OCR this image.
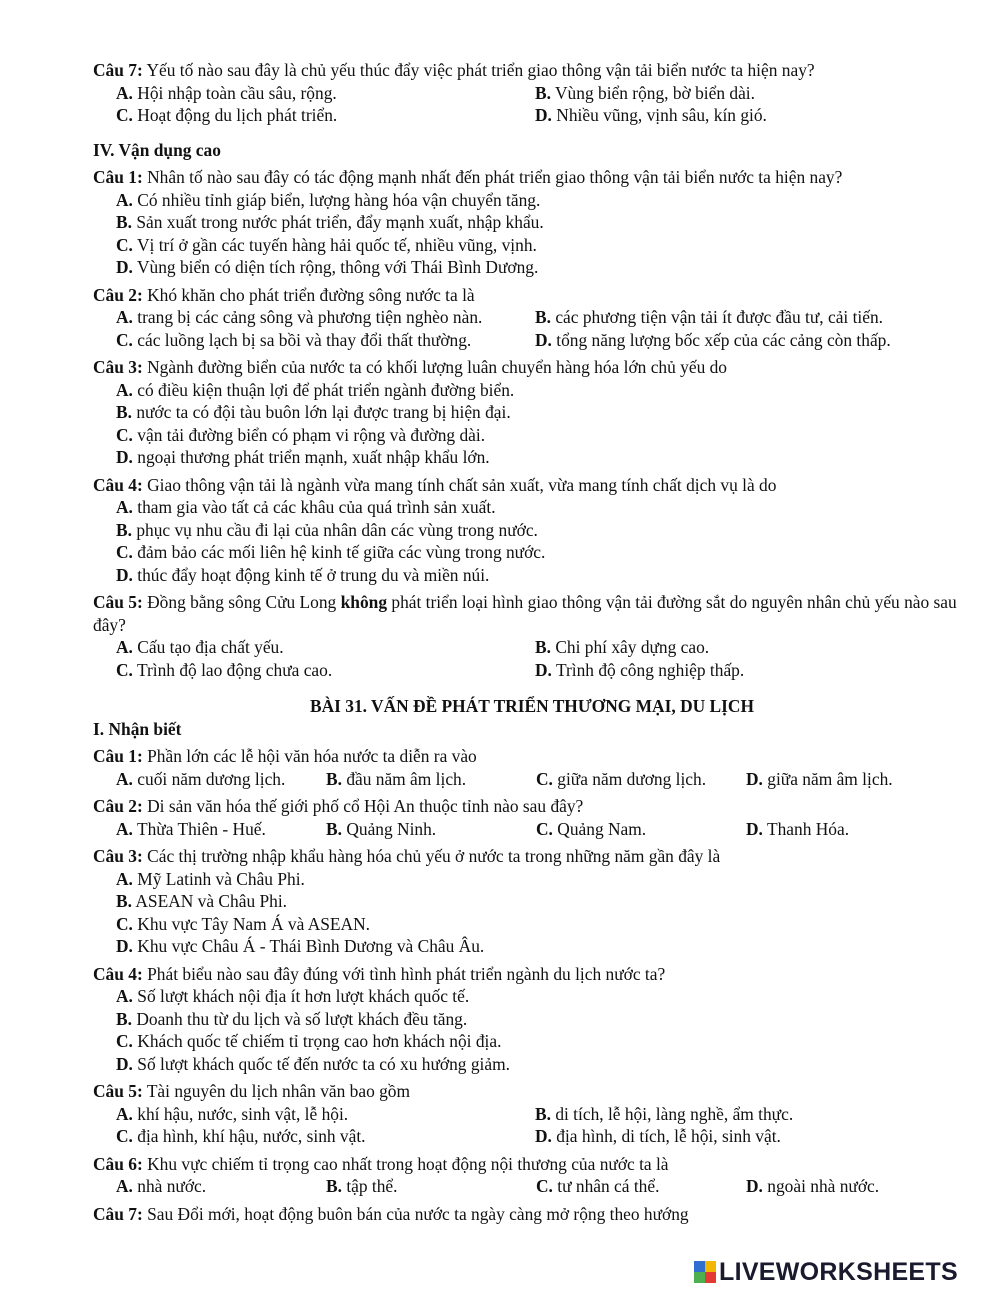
Câu 7: Yếu tố nào sau đây là chủ yếu thúc đẩy việc phát triển giao thông vận tải biển nước ta hiện nay?
A. Hội nhập toàn cầu sâu, rộng.	B. Vùng biển rộng, bờ biển dài.
C. Hoạt động du lịch phát triển.	D. Nhiều vũng, vịnh sâu, kín gió.
IV. Vận dụng cao
Câu 1: Nhân tố nào sau đây có tác động mạnh nhất đến phát triển giao thông vận tải biển nước ta hiện nay?
A. Có nhiều tỉnh giáp biển, lượng hàng hóa vận chuyển tăng.
B. Sản xuất trong nước phát triển, đẩy mạnh xuất, nhập khẩu.
C. Vị trí ở gần các tuyến hàng hải quốc tế, nhiều vũng, vịnh.
D. Vùng biển có diện tích rộng, thông với Thái Bình Dương.
Câu 2: Khó khăn cho phát triển đường sông nước ta là
A. trang bị các cảng sông và phương tiện nghèo nàn.	B. các phương tiện vận tải ít được đầu tư, cải tiến.
C. các luồng lạch bị sa bồi và thay đổi thất thường.	D. tổng năng lượng bốc xếp của các cảng còn thấp.
Câu 3: Ngành đường biển của nước ta có khối lượng luân chuyển hàng hóa lớn chủ yếu do
A. có điều kiện thuận lợi để phát triển ngành đường biển.
B. nước ta có đội tàu buôn lớn lại được trang bị hiện đại.
C. vận tải đường biển có phạm vi rộng và đường dài.
D. ngoại thương phát triển mạnh, xuất nhập khẩu lớn.
Câu 4: Giao thông vận tải là ngành vừa mang tính chất sản xuất, vừa mang tính chất dịch vụ là do
A. tham gia vào tất cả các khâu của quá trình sản xuất.
B. phục vụ nhu cầu đi lại của nhân dân các vùng trong nước.
C. đảm bảo các mối liên hệ kinh tế giữa các vùng trong nước.
D. thúc đẩy hoạt động kinh tế ở trung du và miền núi.
Câu 5: Đồng bằng sông Cửu Long không phát triển loại hình giao thông vận tải đường sắt do nguyên nhân chủ yếu nào sau đây?
A. Cấu tạo địa chất yếu.	B. Chi phí xây dựng cao.
C. Trình độ lao động chưa cao.	D. Trình độ công nghiệp thấp.
BÀI 31. VẤN ĐỀ PHÁT TRIỂN THƯƠNG MẠI, DU LỊCH
I. Nhận biết
Câu 1: Phần lớn các lễ hội văn hóa nước ta diễn ra vào
A. cuối năm dương lịch.	B. đầu năm âm lịch.	C. giữa năm dương lịch.	D. giữa năm âm lịch.
Câu 2: Di sản văn hóa thế giới phố cổ Hội An thuộc tỉnh nào sau đây?
A. Thừa Thiên - Huế.	B. Quảng Ninh.	C. Quảng Nam.	D. Thanh Hóa.
Câu 3: Các thị trường nhập khẩu hàng hóa chủ yếu ở nước ta trong những năm gần đây là
A. Mỹ Latinh và Châu Phi.
B. ASEAN và Châu Phi.
C. Khu vực Tây Nam Á và ASEAN.
D. Khu vực Châu Á - Thái Bình Dương và Châu Âu.
Câu 4: Phát biểu nào sau đây đúng với tình hình phát triển ngành du lịch nước ta?
A. Số lượt khách nội địa ít hơn lượt khách quốc tế.
B. Doanh thu từ du lịch và số lượt khách đều tăng.
C. Khách quốc tế chiếm tỉ trọng cao hơn khách nội địa.
D. Số lượt khách quốc tế đến nước ta có xu hướng giảm.
Câu 5: Tài nguyên du lịch nhân văn bao gồm
A. khí hậu, nước, sinh vật, lễ hội.	B. di tích, lễ hội, làng nghề, ẩm thực.
C. địa hình, khí hậu, nước, sinh vật.	D. địa hình, di tích, lễ hội, sinh vật.
Câu 6: Khu vực chiếm tỉ trọng cao nhất trong hoạt động nội thương của nước ta là
A. nhà nước.	B. tập thể.	C. tư nhân cá thể.	D. ngoài nhà nước.
Câu 7: Sau Đổi mới, hoạt động buôn bán của nước ta ngày càng mở rộng theo hướng
LIVEWORKSHEETS
